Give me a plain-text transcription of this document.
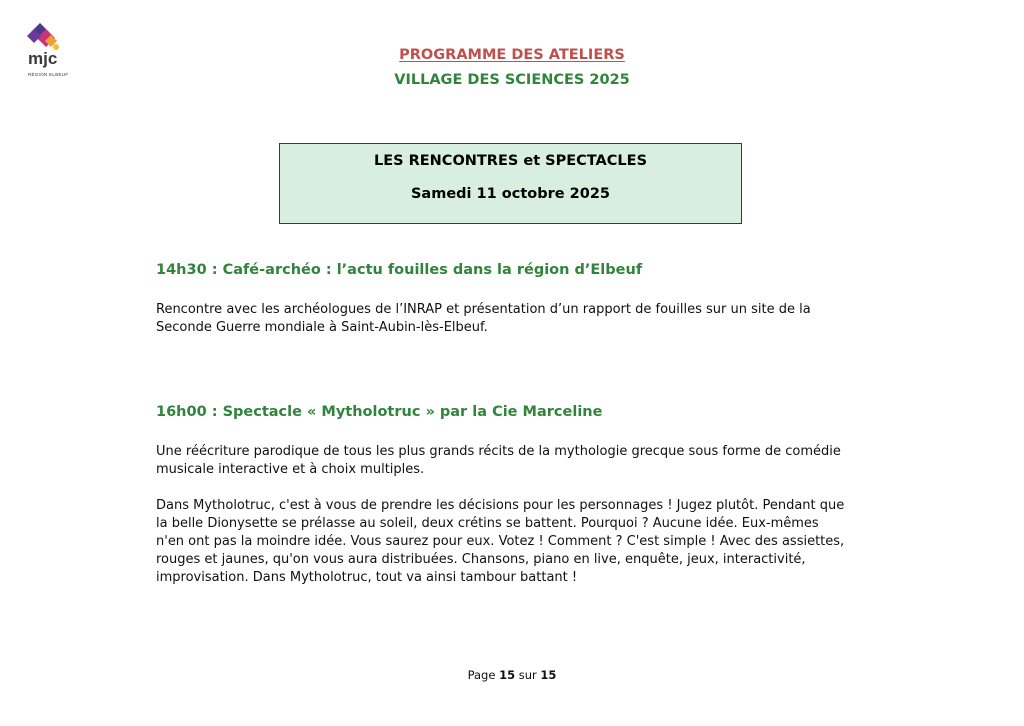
mjc
RÉGION ELBEUF
PROGRAMME DES ATELIERS
VILLAGE DES SCIENCES 2025
LES RENCONTRES et SPECTACLES
Samedi 11 octobre 2025
14h30 : Café-archéo : l’actu fouilles dans la région d’Elbeuf
Rencontre avec les archéologues de l’INRAP et présentation d’un rapport de fouilles sur un site de la Seconde Guerre mondiale à Saint-Aubin-lès-Elbeuf.
16h00 : Spectacle « Mytholotruc » par la Cie Marceline
Une réécriture parodique de tous les plus grands récits de la mythologie grecque sous forme de comédie musicale interactive et à choix multiples.
Dans Mytholotruc, c'est à vous de prendre les décisions pour les personnages ! Jugez plutôt. Pendant que la belle Dionysette se prélasse au soleil, deux crétins se battent. Pourquoi ? Aucune idée. Eux-mêmes n'en ont pas la moindre idée. Vous saurez pour eux. Votez ! Comment ? C'est simple ! Avec des assiettes, rouges et jaunes, qu'on vous aura distribuées. Chansons, piano en live, enquête, jeux, interactivité, improvisation. Dans Mytholotruc, tout va ainsi tambour battant !
Page 15 sur 15
